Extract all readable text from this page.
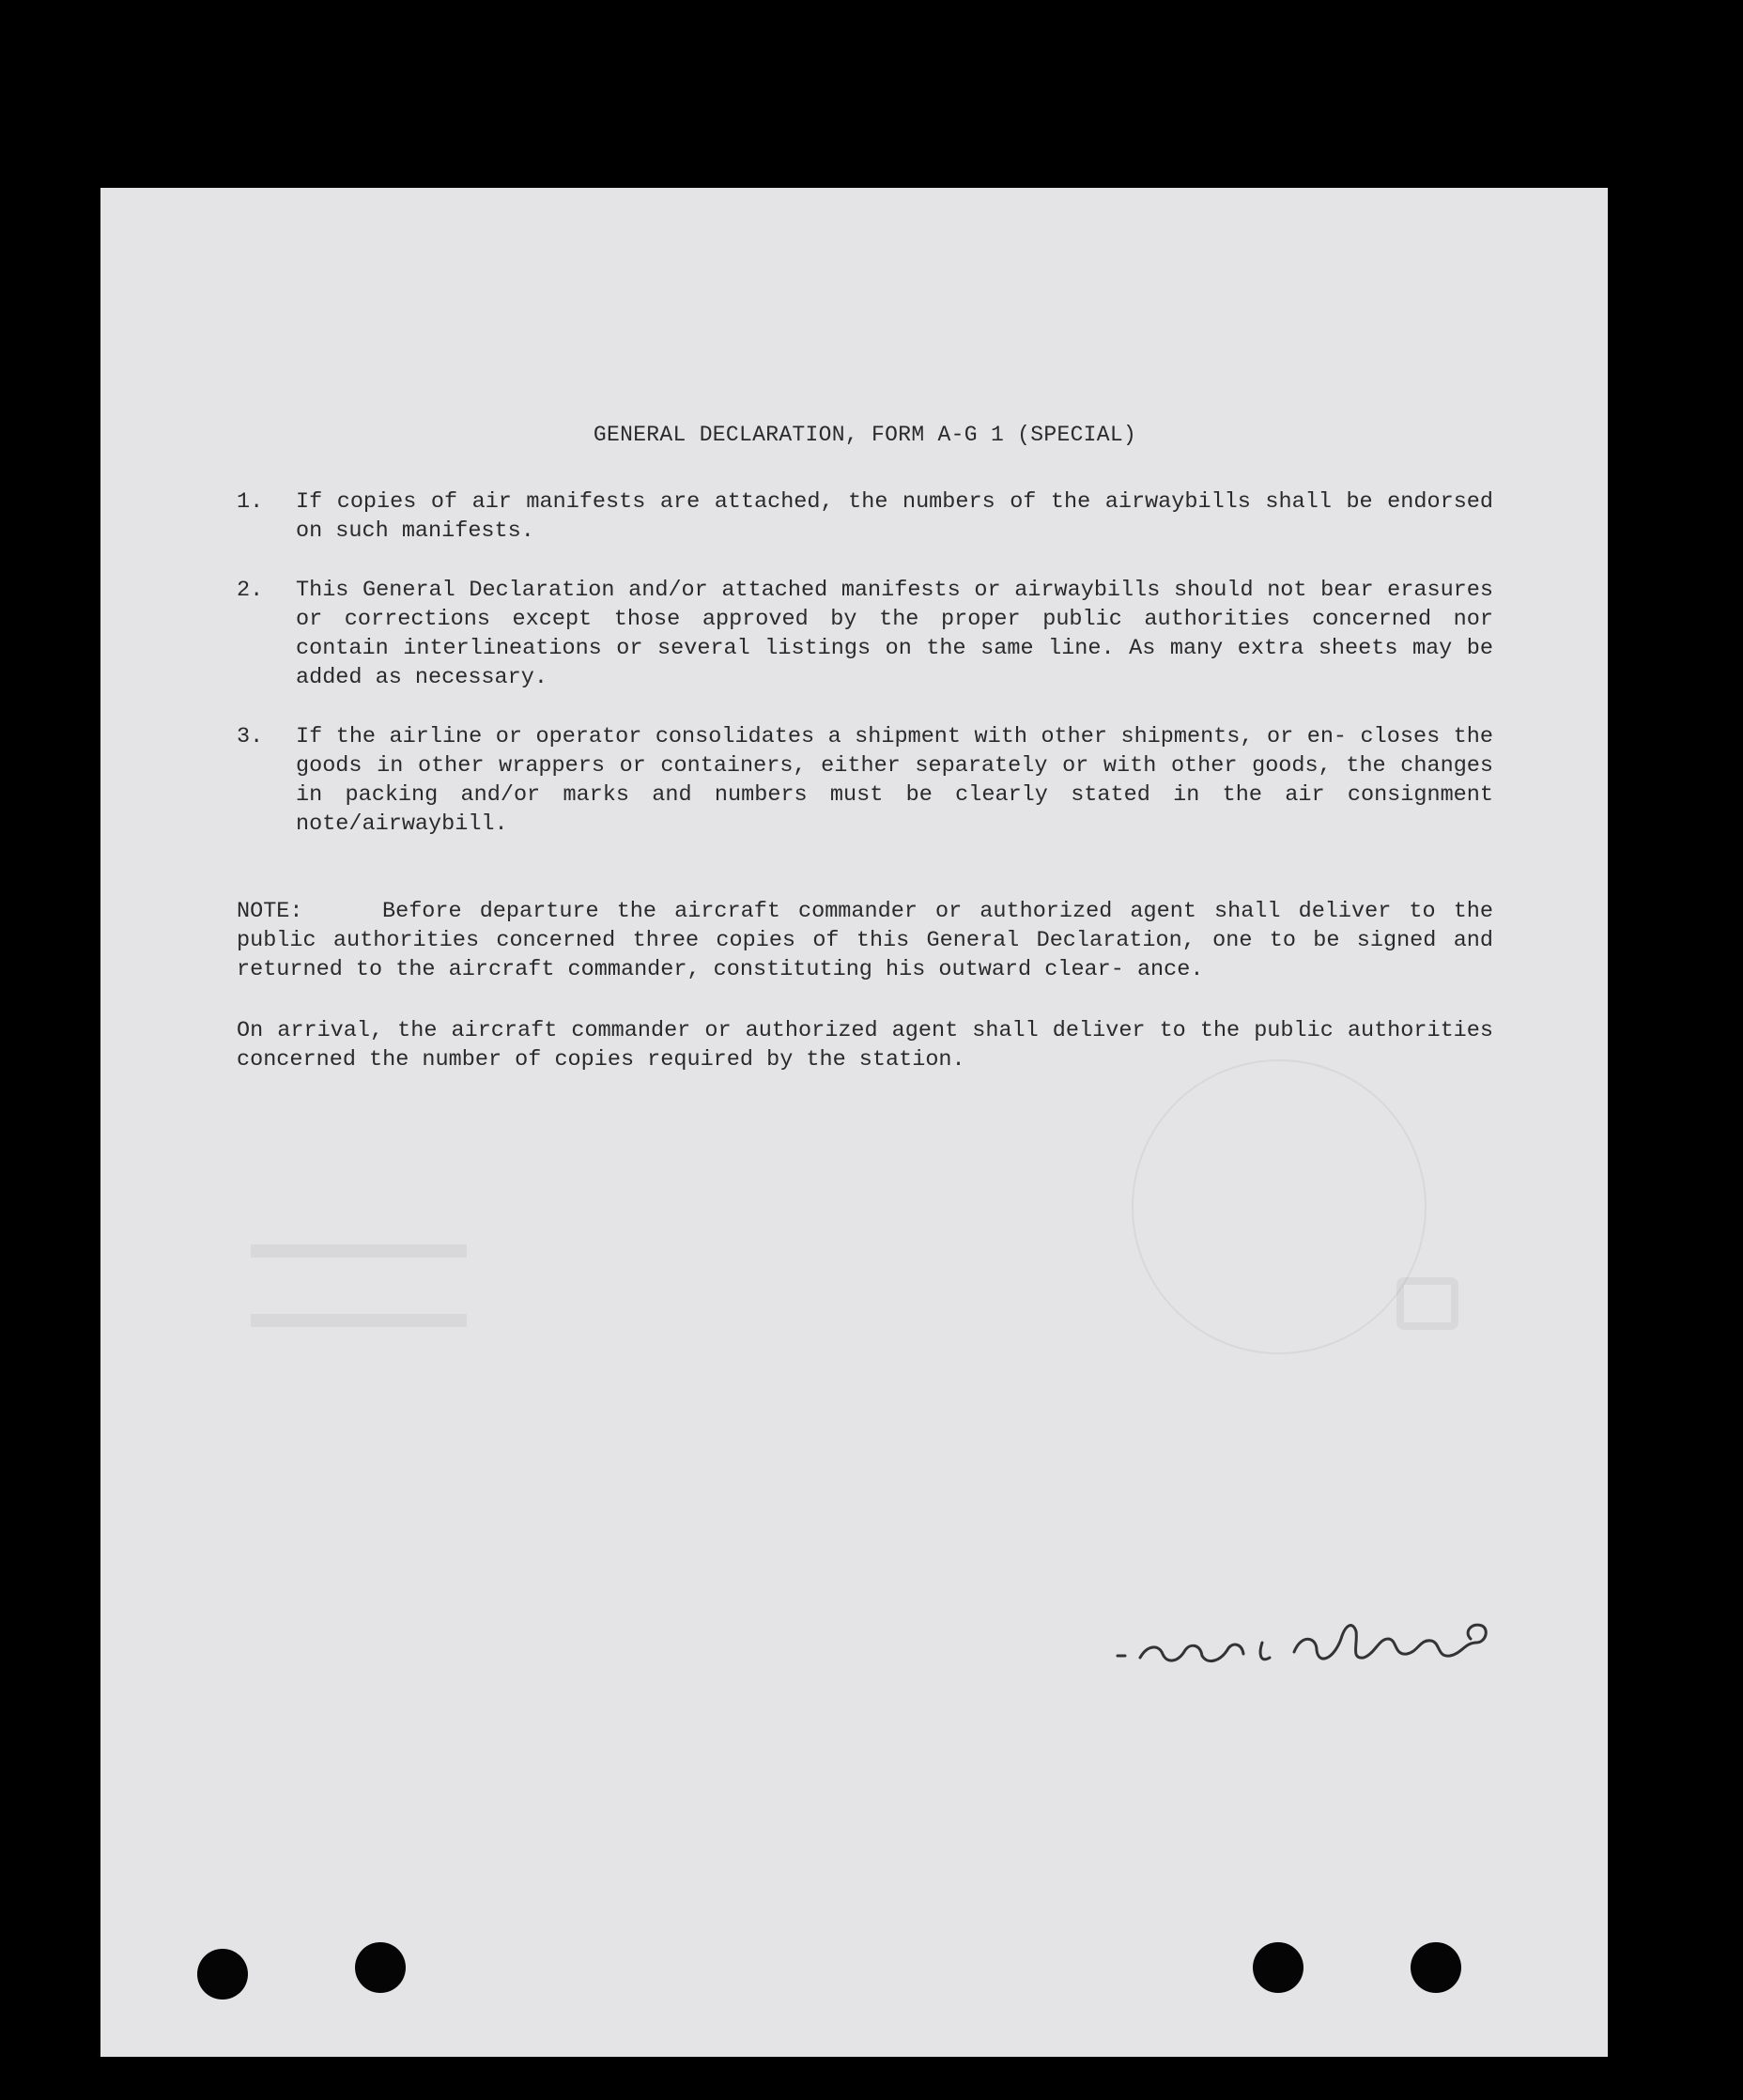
GENERAL DECLARATION, FORM A-G 1 (SPECIAL)
1.	If copies of air manifests are attached, the numbers of the airwaybills shall be endorsed on such manifests.
2.	This General Declaration and/or attached manifests or airwaybills should not bear erasures or corrections except those approved by the proper public authorities concerned nor contain interlineations or several listings on the same line. As many extra sheets may be added as necessary.
3.	If the airline or operator consolidates a shipment with other shipments, or en- closes the goods in other wrappers or containers, either separately or with other goods, the changes in packing and/or marks and numbers must be clearly stated in the air consignment note/airwaybill.
NOTE:	Before departure the aircraft commander or authorized agent shall deliver to the public authorities concerned three copies of this General Declaration, one to be signed and returned to the aircraft commander, constituting his outward clear- ance.
On arrival, the aircraft commander or authorized agent shall deliver to the public authorities concerned the number of copies required by the station.
